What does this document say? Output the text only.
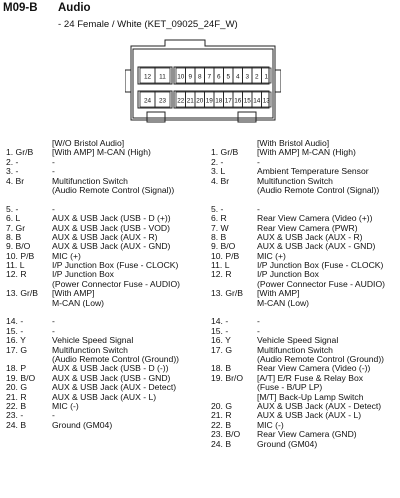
M09-B Audio
- 24 Female / White (KET_09025_24F_W)
12 11 10 9 8 7 6 5 4 3 2 1
24 23 22 21 20 19 18 17 16 15 14 13
[W/O Bristol Audio]
1. Gr/B [With AMP] M-CAN (High)
2. -	-
3. -	-
4. Br	Multifunction Switch
(Audio Remote Control (Signal))
5. -	-
6. L	AUX & USB Jack (USB - D (+))
7. Gr	AUX & USB Jack (USB - VOD)
8. B	AUX & USB Jack (AUX - R)
9. B/O	AUX & USB Jack (AUX - GND)
10. P/B MIC (+)
11. L	I/P Junction Box (Fuse - CLOCK)
12. R	I/P Junction Box
(Power Connector Fuse - AUDIO)
13. Gr/B [With AMP]
M-CAN (Low)
14. -	-
15. -	-
16. Y	Vehicle Speed Signal
17. G	Multifunction Switch
(Audio Remote Control (Ground))
18. P	AUX & USB Jack (USB - D (-))
19. B/O AUX & USB Jack (USB - GND)
20. G	AUX & USB Jack (AUX - Detect)
21. R	AUX & USB Jack (AUX - L)
22. B	MIC (-)
23. -	-
24. B	Ground (GM04)
[With Bristol Audio]
1. Gr/B [With AMP] M-CAN (High)
2. -	-
3. L	Ambient Temperature Sensor
4. Br	Multifunction Switch
(Audio Remote Control (Signal))
5. -	-
6. R	Rear View Camera (Video (+))
7. W	Rear View Camera (PWR)
8. B	AUX & USB Jack (AUX - R)
9. B/O	AUX & USB Jack (AUX - GND)
10. P/B MIC (+)
11. L	I/P Junction Box (Fuse - CLOCK)
12. R	I/P Junction Box
(Power Connector Fuse - AUDIO)
13. Gr/B [With AMP]
M-CAN (Low)
14. -	-
15. -	-
16. Y	Vehicle Speed Signal
17. G	Multifunction Switch
(Audio Remote Control (Ground))
18. B	Rear View Camera (Video (-))
19. Br/O [A/T] E/R Fuse & Relay Box
(Fuse - B/UP LP)
[M/T] Back-Up Lamp Switch
20. G	AUX & USB Jack (AUX - Detect)
21. R	AUX & USB Jack (AUX - L)
22. B	MIC (-)
23. B/O Rear View Camera (GND)
24. B	Ground (GM04)
